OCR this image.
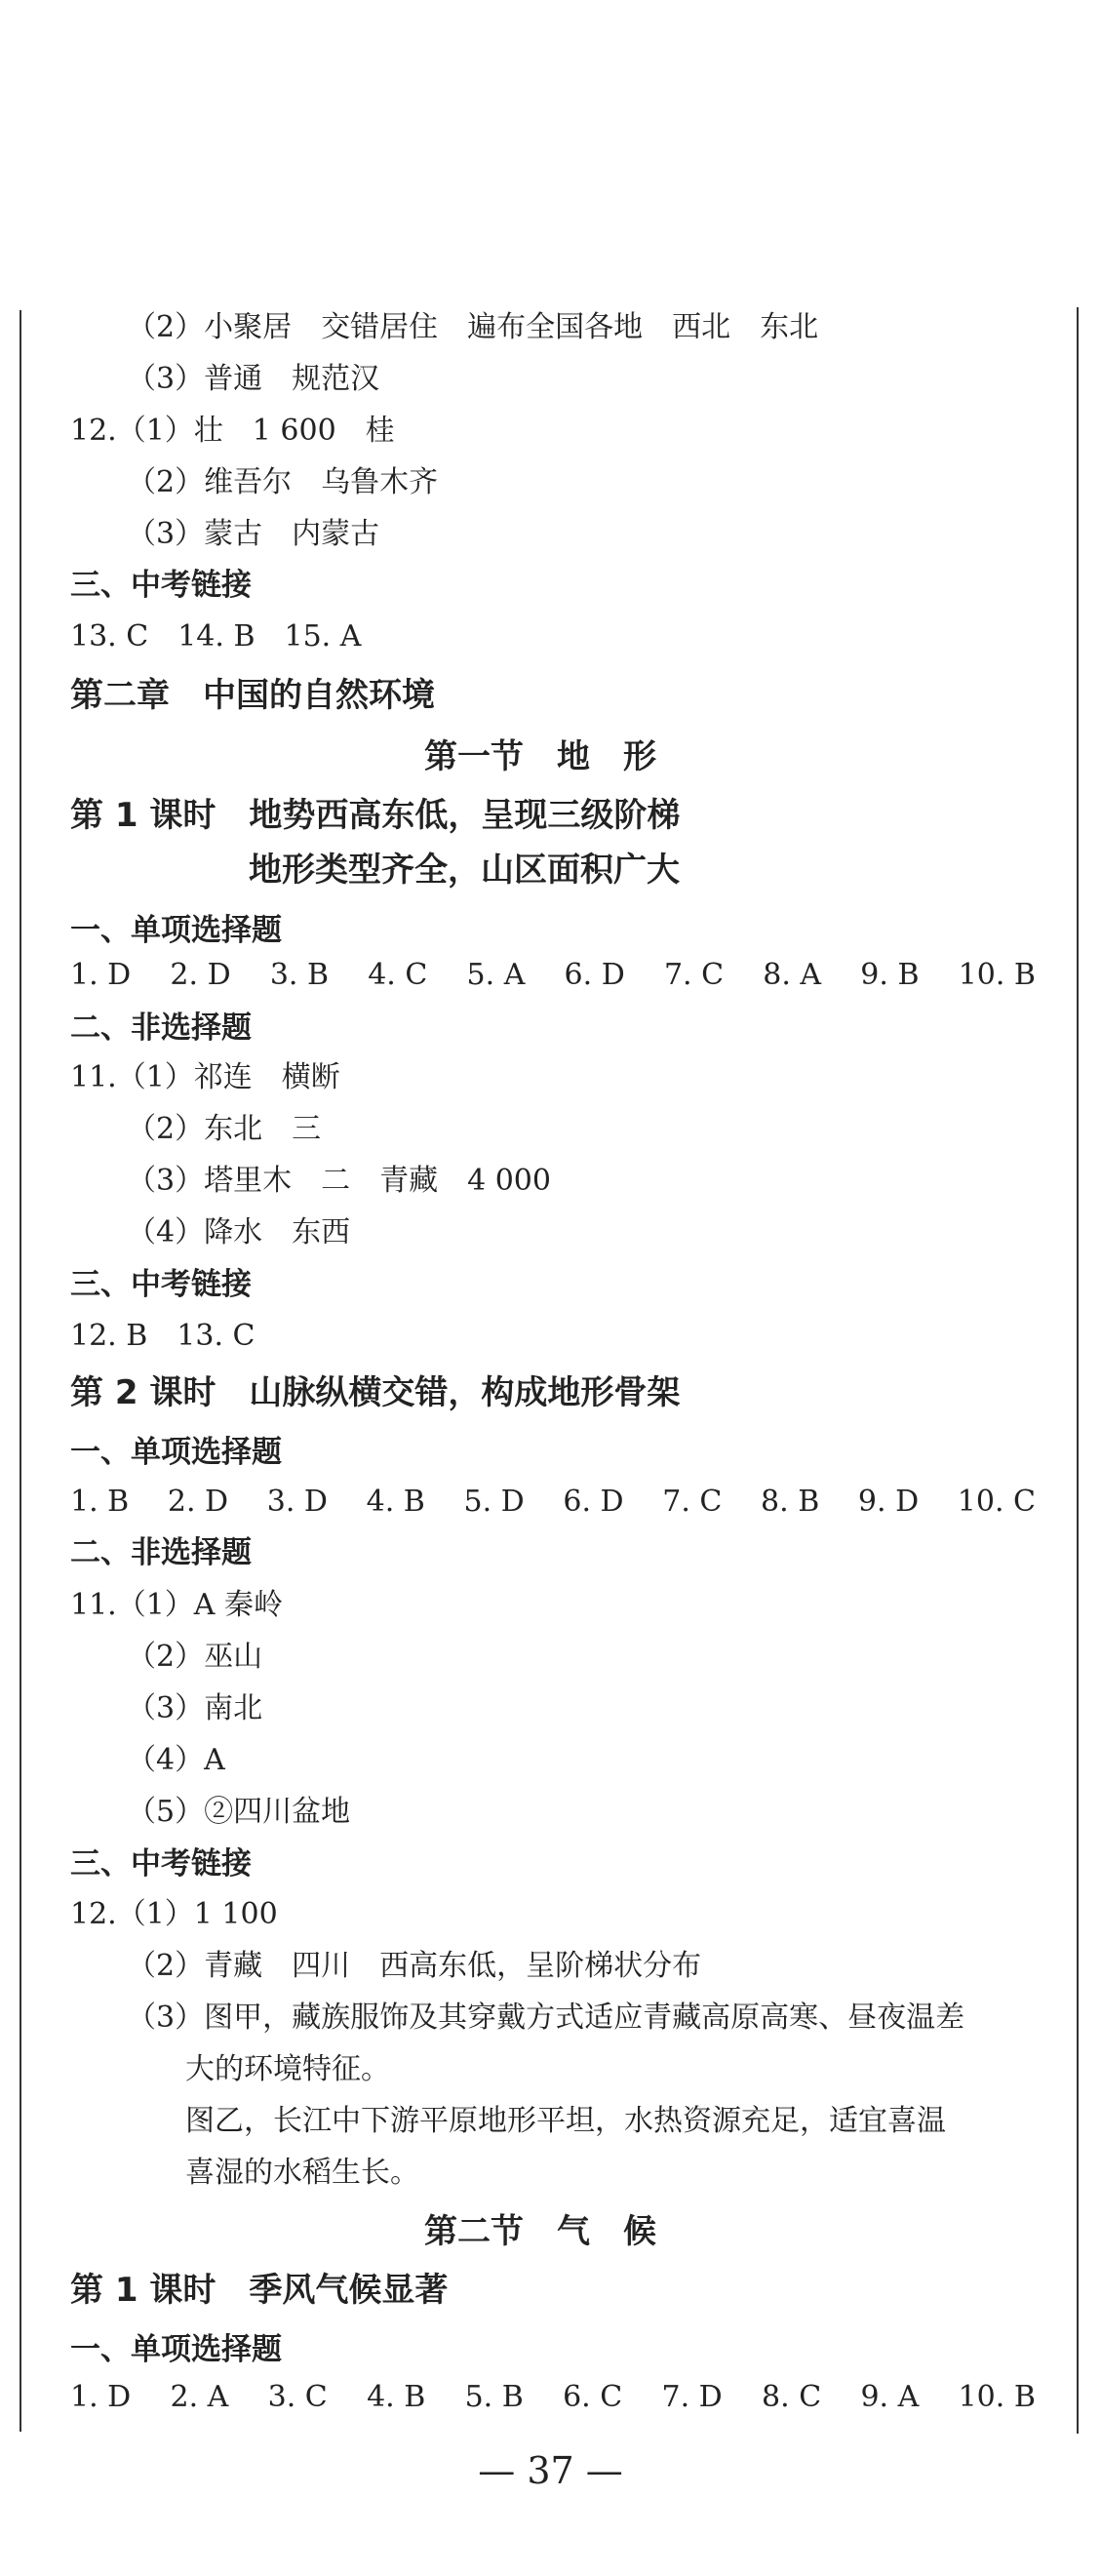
（2）小聚居　交错居住　遍布全国各地　西北　东北
（3）普通　规范汉
12.（1）壮　1 600　桂
（2）维吾尔　乌鲁木齐
（3）蒙古　内蒙古
三、中考链接
13. C　14. B　15. A
第二章　中国的自然环境
第一节　地　形
第 1 课时　地势西高东低，呈现三级阶梯
地形类型齐全，山区面积广大
一、单项选择题
1. D 2. D 3. B 4. C 5. A 6. D 7. C 8. A 9. B 10. B
二、非选择题
11.（1）祁连　横断
（2）东北　三
（3）塔里木　二　青藏　4 000
（4）降水　东西
三、中考链接
12. B　13. C
第 2 课时　山脉纵横交错，构成地形骨架
一、单项选择题
1. B 2. D 3. D 4. B 5. D 6. D 7. C 8. B 9. D 10. C
二、非选择题
11.（1）A 秦岭
（2）巫山
（3）南北
（4）A
（5）②四川盆地
三、中考链接
12.（1）1 100
（2）青藏　四川　西高东低，呈阶梯状分布
（3）图甲，藏族服饰及其穿戴方式适应青藏高原高寒、昼夜温差
大的环境特征。
图乙，长江中下游平原地形平坦，水热资源充足，适宜喜温
喜湿的水稻生长。
第二节　气　候
第 1 课时　季风气候显著
一、单项选择题
1. D 2. A 3. C 4. B 5. B 6. C 7. D 8. C 9. A 10. B
— 37 —
